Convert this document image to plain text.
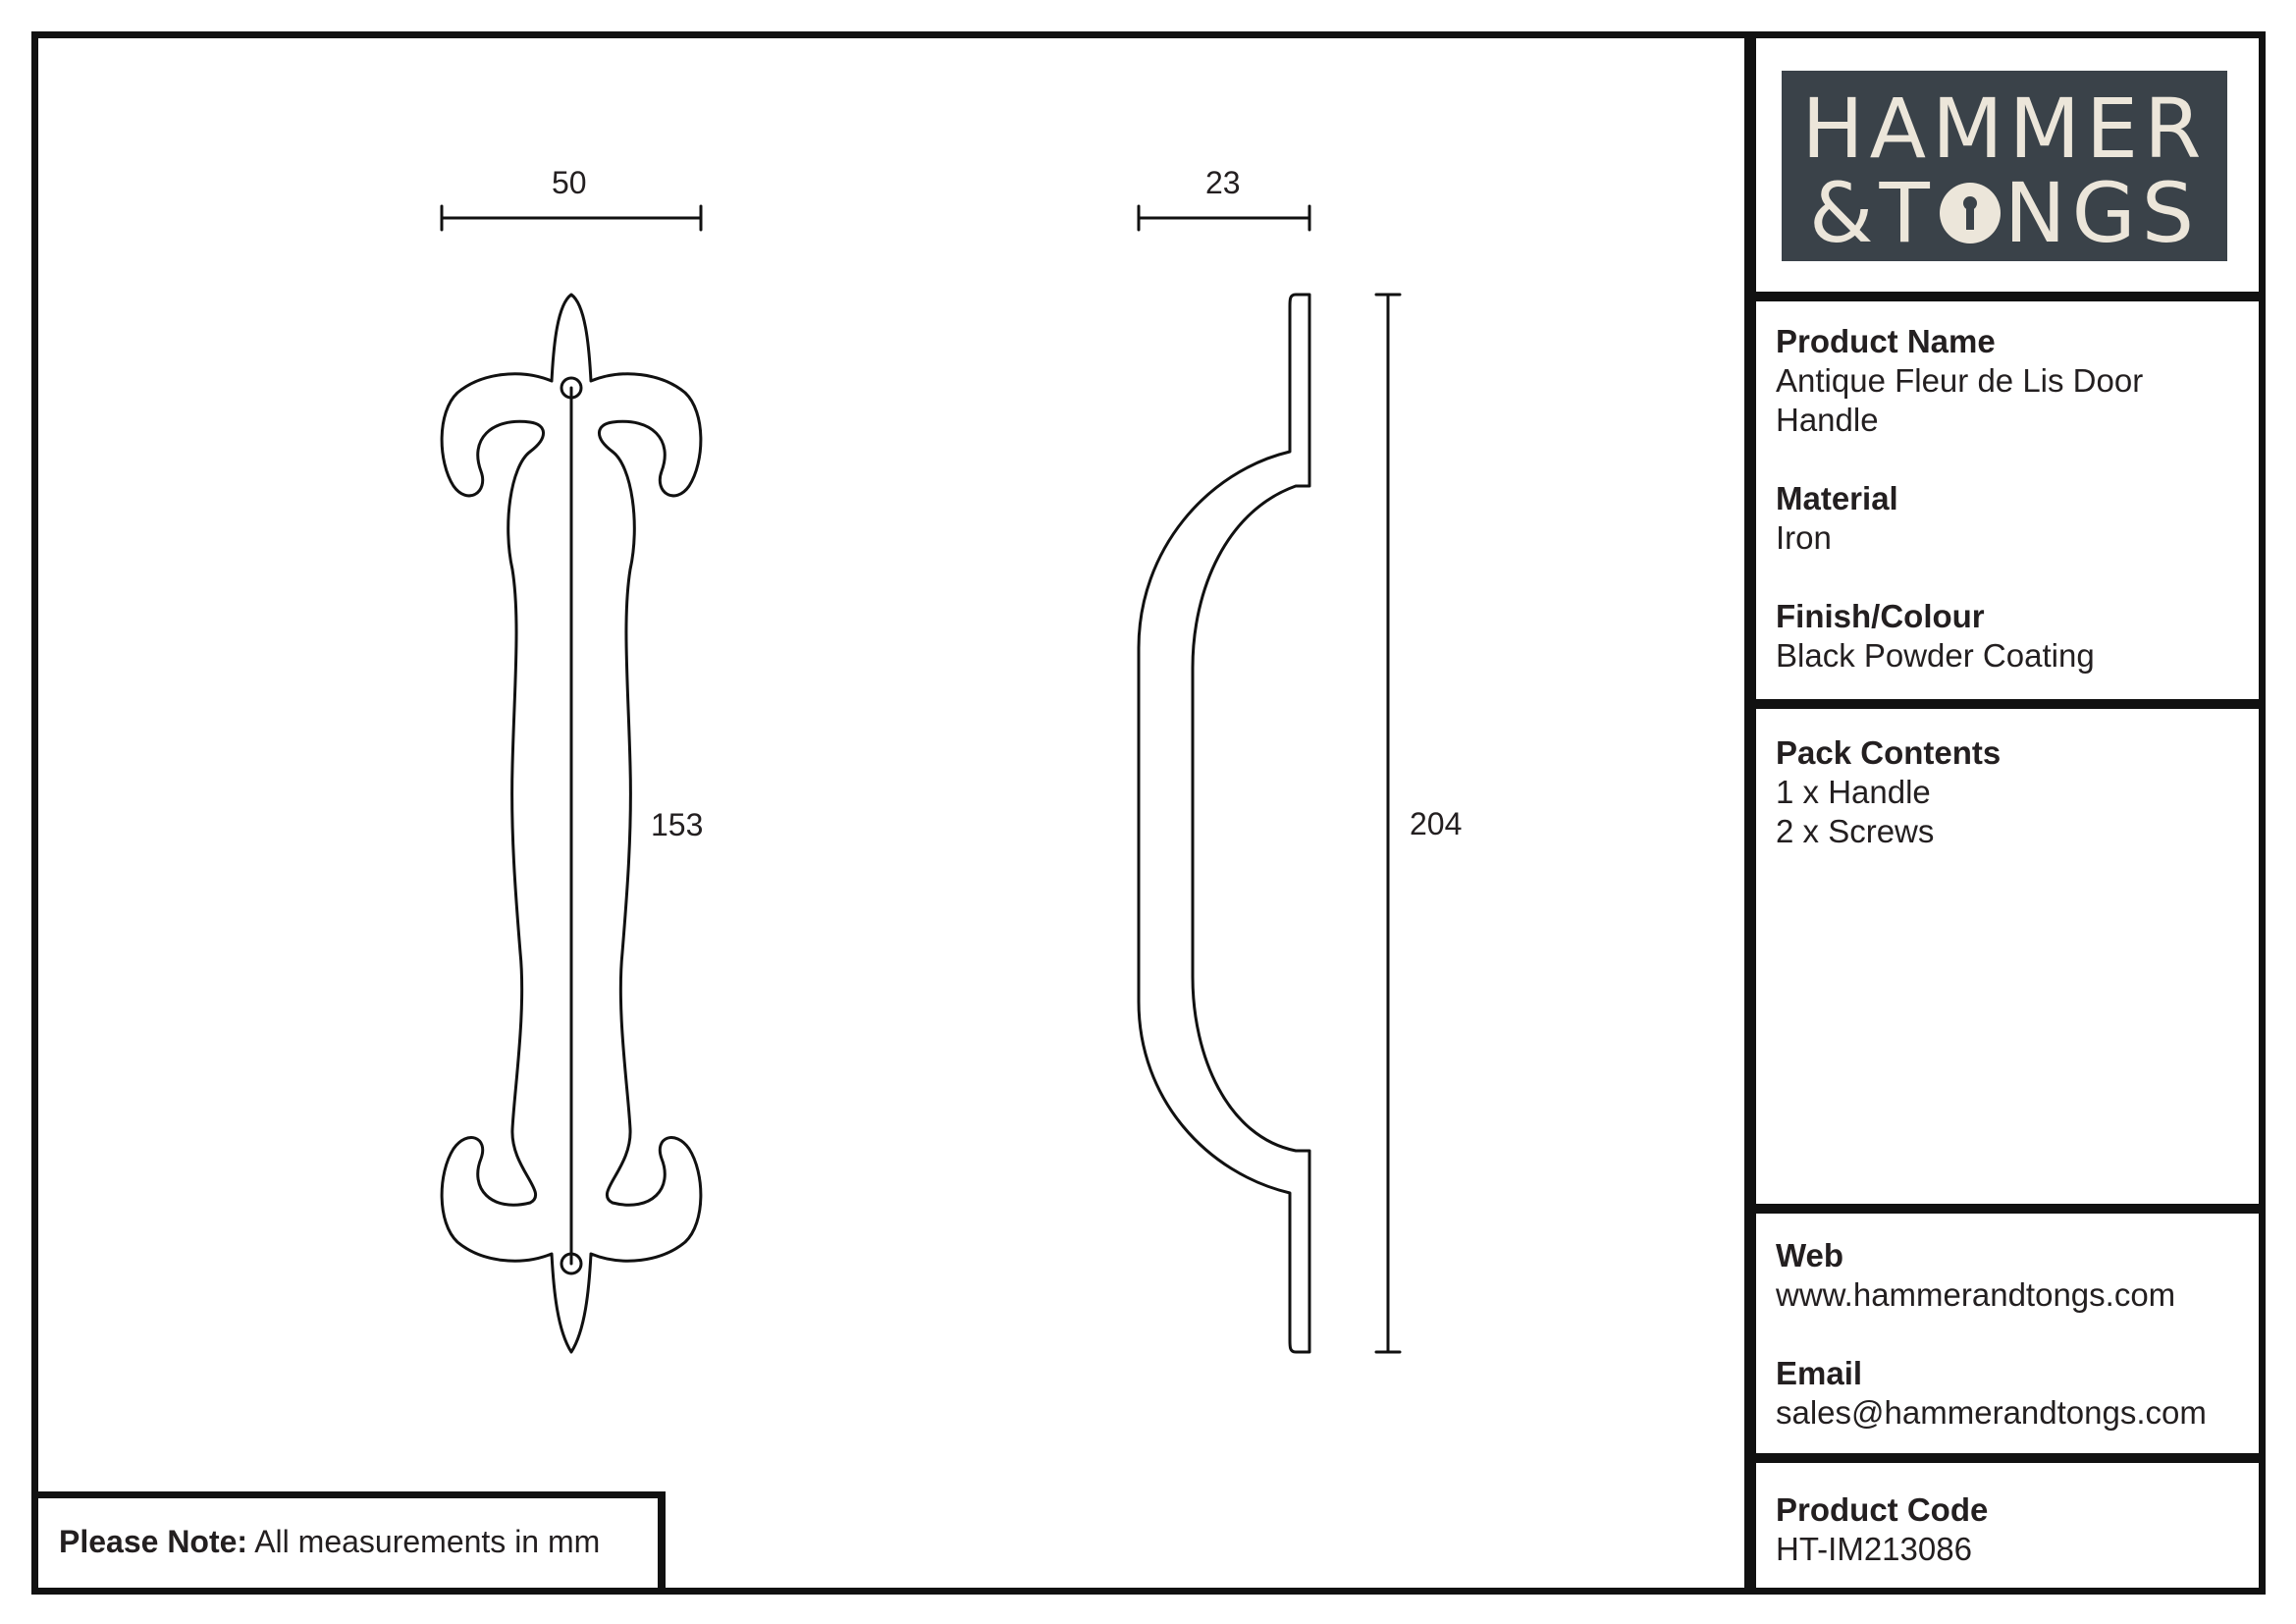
50
153
23
204
HAMMER
&T NGS
Product Name
Antique Fleur de Lis Door Handle
Material
Iron
Finish/Colour
Black Powder Coating
Pack Contents
1 x Handle
2 x Screws
Web
www.hammerandtongs.com
Email
sales@hammerandtongs.com
Product Code
HT-IM213086
Please Note: All measurements in mm
